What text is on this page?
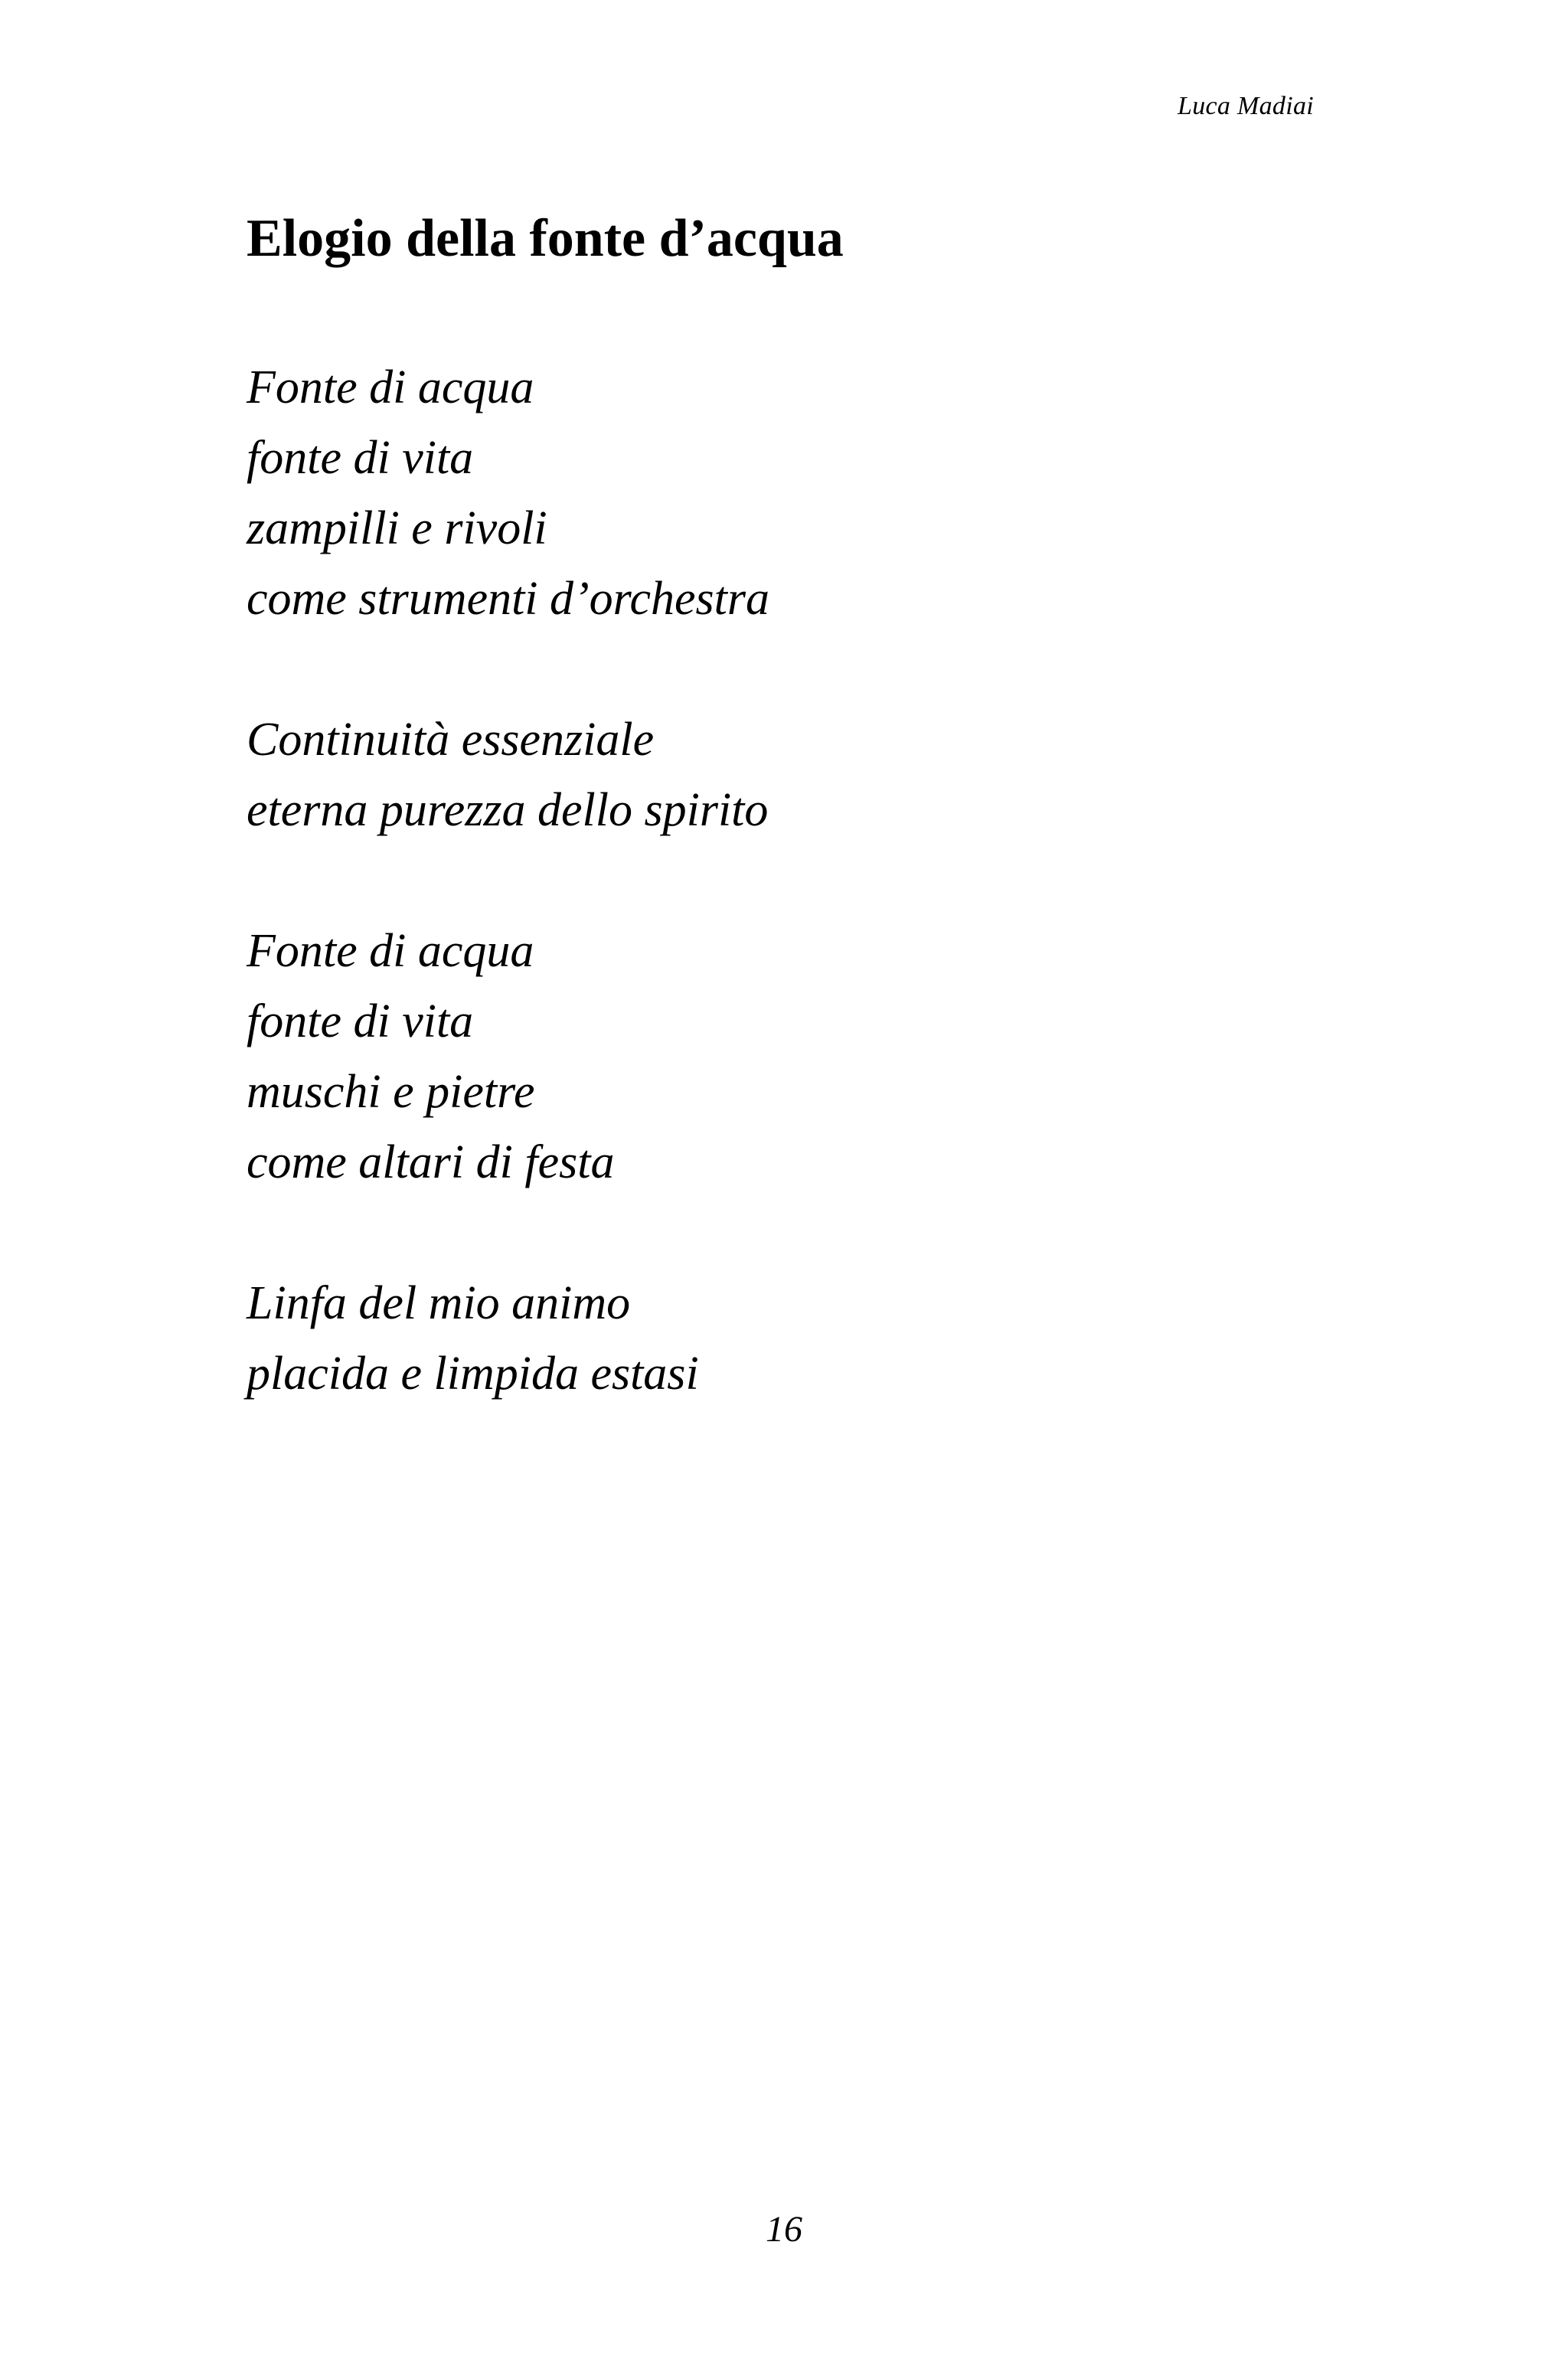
Luca Madiai
Elogio della fonte d’acqua
Fonte di acqua
fonte di vita
zampilli e rivoli
come strumenti d’orchestra
Continuità essenziale
eterna purezza dello spirito
Fonte di acqua
fonte di vita
muschi e pietre
come altari di festa
Linfa del mio animo
placida e limpida estasi
16
